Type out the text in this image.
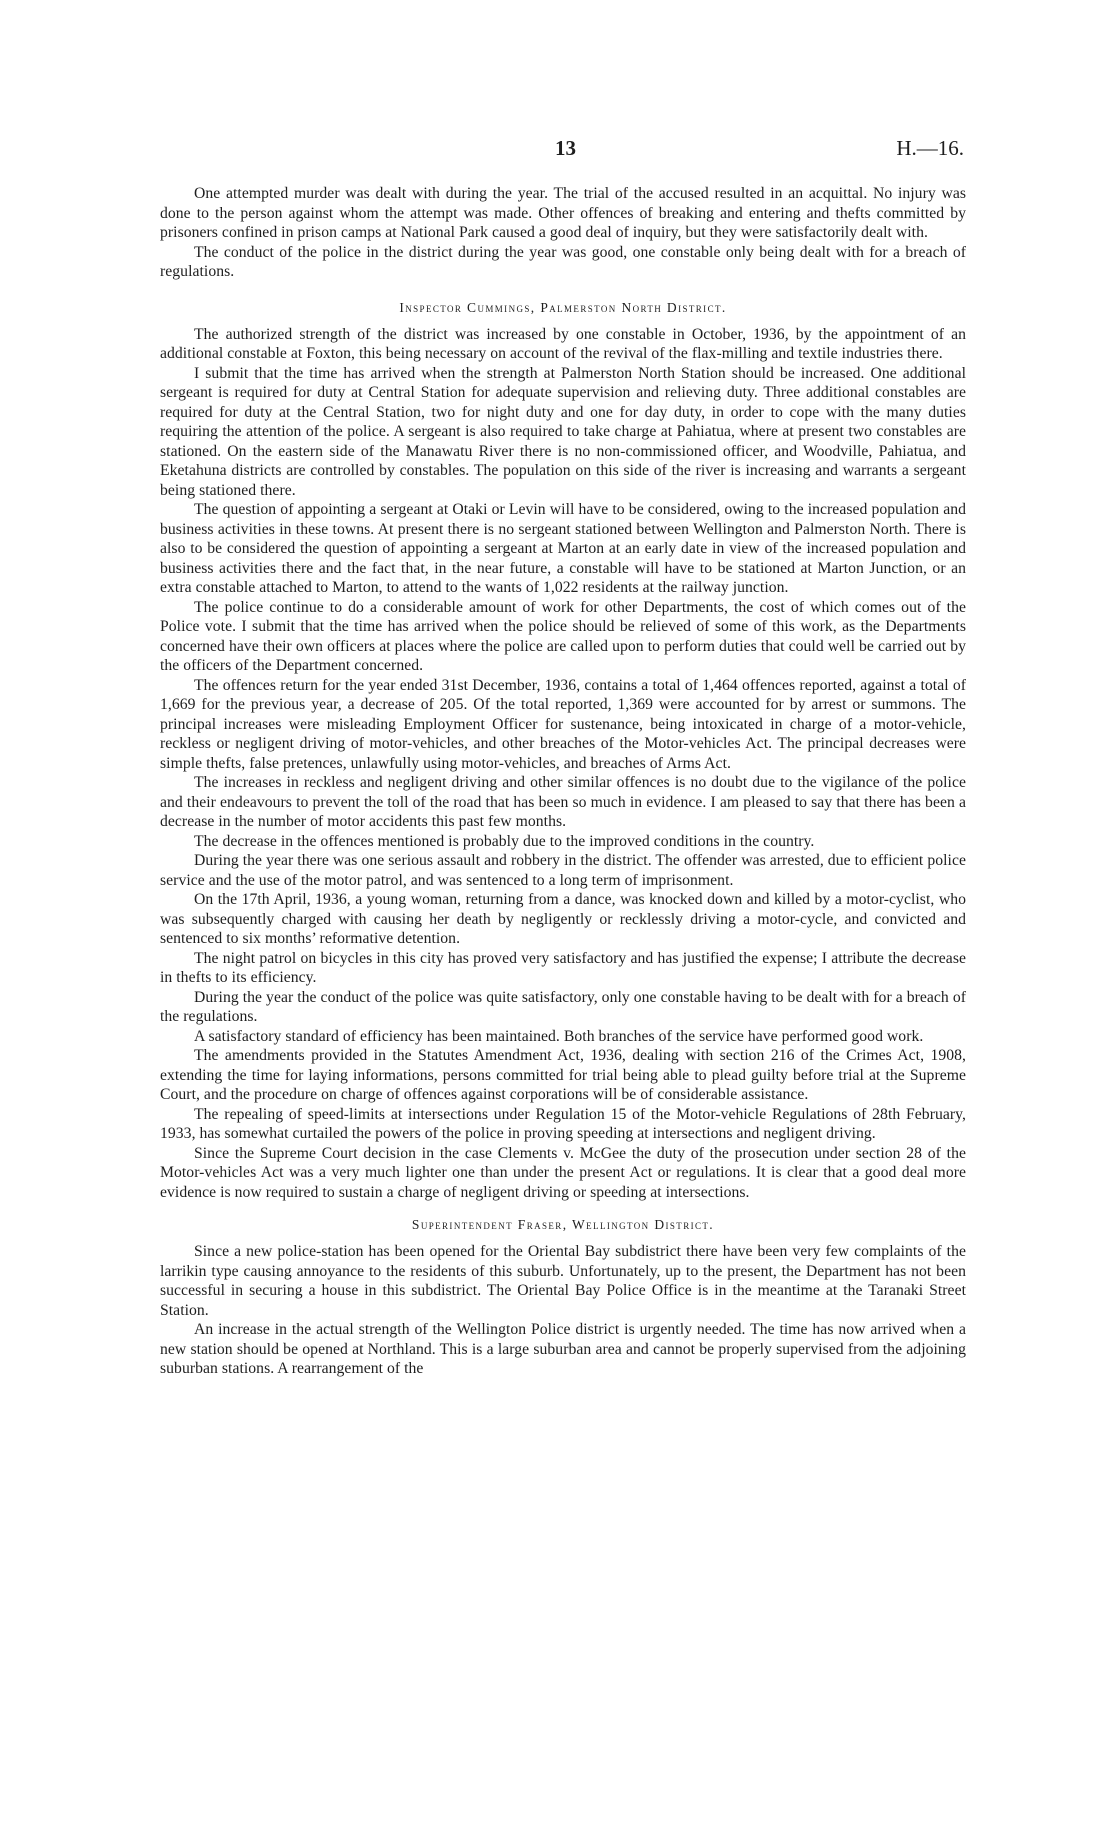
13	H.—16.

One attempted murder was dealt with during the year. The trial of the accused resulted in an acquittal. No injury was done to the person against whom the attempt was made. Other offences of breaking and entering and thefts committed by prisoners confined in prison camps at National Park caused a good deal of inquiry, but they were satisfactorily dealt with.

The conduct of the police in the district during the year was good, one constable only being dealt with for a breach of regulations.

Inspector Cummings, Palmerston North District.

The authorized strength of the district was increased by one constable in October, 1936, by the appointment of an additional constable at Foxton, this being necessary on account of the revival of the flax-milling and textile industries there.

I submit that the time has arrived when the strength at Palmerston North Station should be increased. One additional sergeant is required for duty at Central Station for adequate supervision and relieving duty. Three additional constables are required for duty at the Central Station, two for night duty and one for day duty, in order to cope with the many duties requiring the attention of the police. A sergeant is also required to take charge at Pahiatua, where at present two constables are stationed. On the eastern side of the Manawatu River there is no non-commissioned officer, and Woodville, Pahiatua, and Eketahuna districts are controlled by constables. The population on this side of the river is increasing and warrants a sergeant being stationed there.

The question of appointing a sergeant at Otaki or Levin will have to be considered, owing to the increased population and business activities in these towns. At present there is no sergeant stationed between Wellington and Palmerston North. There is also to be considered the question of appointing a sergeant at Marton at an early date in view of the increased population and business activities there and the fact that, in the near future, a constable will have to be stationed at Marton Junction, or an extra constable attached to Marton, to attend to the wants of 1,022 residents at the railway junction.

The police continue to do a considerable amount of work for other Departments, the cost of which comes out of the Police vote. I submit that the time has arrived when the police should be relieved of some of this work, as the Departments concerned have their own officers at places where the police are called upon to perform duties that could well be carried out by the officers of the Department concerned.

The offences return for the year ended 31st December, 1936, contains a total of 1,464 offences reported, against a total of 1,669 for the previous year, a decrease of 205. Of the total reported, 1,369 were accounted for by arrest or summons. The principal increases were misleading Employment Officer for sustenance, being intoxicated in charge of a motor-vehicle, reckless or negligent driving of motor-vehicles, and other breaches of the Motor-vehicles Act. The principal decreases were simple thefts, false pretences, unlawfully using motor-vehicles, and breaches of Arms Act.

The increases in reckless and negligent driving and other similar offences is no doubt due to the vigilance of the police and their endeavours to prevent the toll of the road that has been so much in evidence. I am pleased to say that there has been a decrease in the number of motor accidents this past few months.

The decrease in the offences mentioned is probably due to the improved conditions in the country.

During the year there was one serious assault and robbery in the district. The offender was arrested, due to efficient police service and the use of the motor patrol, and was sentenced to a long term of imprisonment.

On the 17th April, 1936, a young woman, returning from a dance, was knocked down and killed by a motor-cyclist, who was subsequently charged with causing her death by negligently or recklessly driving a motor-cycle, and convicted and sentenced to six months’ reformative detention.

The night patrol on bicycles in this city has proved very satisfactory and has justified the expense; I attribute the decrease in thefts to its efficiency.

During the year the conduct of the police was quite satisfactory, only one constable having to be dealt with for a breach of the regulations.

A satisfactory standard of efficiency has been maintained. Both branches of the service have performed good work.

The amendments provided in the Statutes Amendment Act, 1936, dealing with section 216 of the Crimes Act, 1908, extending the time for laying informations, persons committed for trial being able to plead guilty before trial at the Supreme Court, and the procedure on charge of offences against corporations will be of considerable assistance.

The repealing of speed-limits at intersections under Regulation 15 of the Motor-vehicle Regulations of 28th February, 1933, has somewhat curtailed the powers of the police in proving speeding at intersections and negligent driving.

Since the Supreme Court decision in the case Clements v. McGee the duty of the prosecution under section 28 of the Motor-vehicles Act was a very much lighter one than under the present Act or regulations. It is clear that a good deal more evidence is now required to sustain a charge of negligent driving or speeding at intersections.

Superintendent Fraser, Wellington District.

Since a new police-station has been opened for the Oriental Bay subdistrict there have been very few complaints of the larrikin type causing annoyance to the residents of this suburb. Unfortunately, up to the present, the Department has not been successful in securing a house in this subdistrict. The Oriental Bay Police Office is in the meantime at the Taranaki Street Station.

An increase in the actual strength of the Wellington Police district is urgently needed. The time has now arrived when a new station should be opened at Northland. This is a large suburban area and cannot be properly supervised from the adjoining suburban stations. A rearrangement of the
